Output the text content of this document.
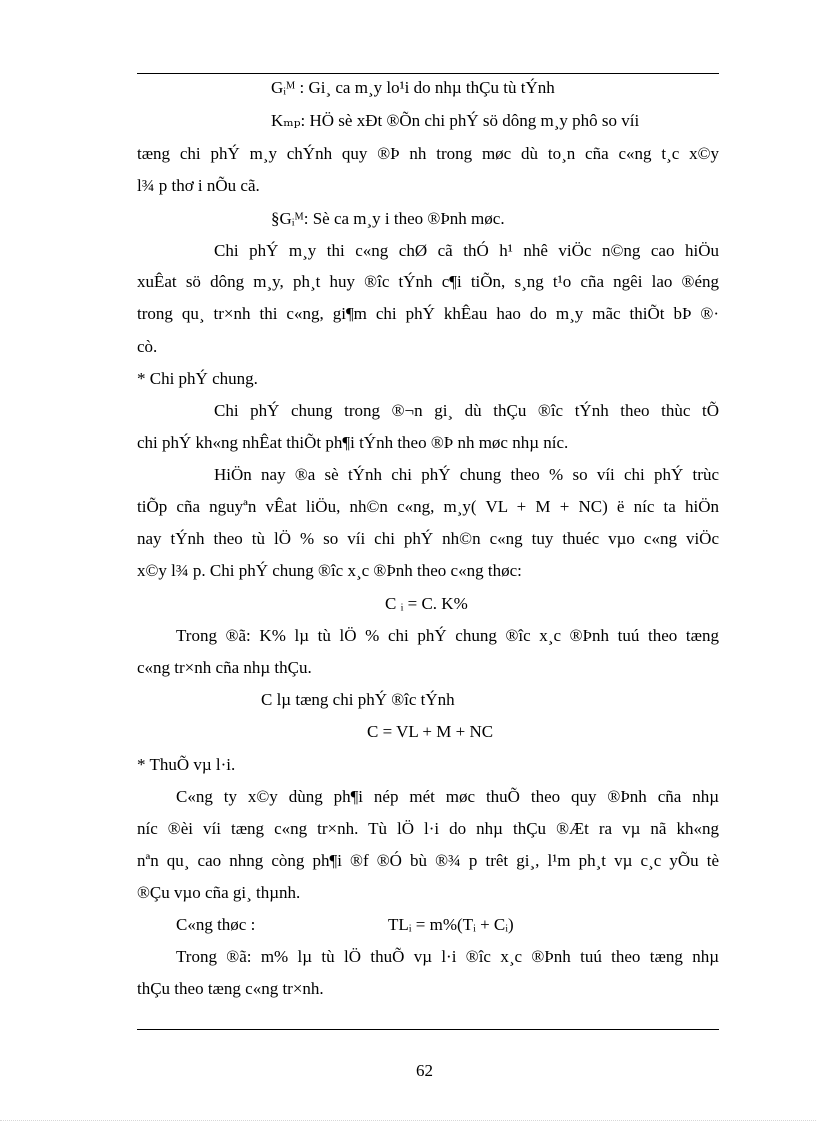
Gᵢᴹ : Gi¸ ca m¸y lo¹i do nhµ thÇu tù tÝnh
Kₘₚ: HÖ sè xÐt ®Õn chi phÝ sö dông m¸y phô so víi
tæng chi phÝ m¸y chÝnh quy ®Þ nh trong møc dù to¸n cña c«ng t¸c x©y
l¾ p thơ i nÕu cã.
§Gᵢᴹ: Sè ca m¸y i theo ®Þnh møc.
Chi phÝ m¸y thi c«ng chØ cã thÓ h¹ nhê viÖc n©ng cao hiÖu
xuÊat sö dông m¸y, ph¸t huy ®îc tÝnh c¶i tiÕn, s¸ng t¹o cña ngêi lao ®éng
trong qu¸ tr×nh thi c«ng, gi¶m chi phÝ khÊau hao do m¸y mãc thiÕt bÞ ®·
cò.
* Chi phÝ chung.
Chi phÝ chung trong ®¬n gi¸ dù thÇu ®îc tÝnh theo thùc tÕ
chi phÝ kh«ng nhÊat thiÕt ph¶i tÝnh theo ®Þ nh møc nhµ níc.
HiÖn nay ®a sè tÝnh chi phÝ chung theo % so víi chi phÝ trùc
tiÕp cña nguyªn vÊat liÖu, nh©n c«ng, m¸y( VL + M + NC) ë níc ta hiÖn
nay tÝnh theo tù lÖ % so víi chi phÝ nh©n c«ng tuy thuéc vµo c«ng viÖc
x©y l¾ p. Chi phÝ chung ®îc x¸c ®Þnh theo c«ng thøc:
C ᵢ = C. K%
Trong ®ã: K% lµ tù lÖ % chi phÝ chung ®îc x¸c ®Þnh tuú theo tæng
c«ng tr×nh cña nhµ thÇu.
C lµ tæng chi phÝ ®îc tÝnh
C = VL + M + NC
* ThuÕ vµ l·i.
C«ng ty x©y dùng ph¶i nép mét møc thuÕ theo quy ®Þnh cña nhµ
níc ®èi víi tæng c«ng tr×nh. Tù lÖ l·i do nhµ thÇu ®Æt ra vµ nã kh«ng
nªn qu¸ cao nhng còng ph¶i ®f ®Ó bù ®¾ p trêt gi¸, l¹m ph¸t vµ c¸c yÕu tè
®Çu vµo cña gi¸ thµnh.
C«ng thøc :	TLᵢ = m%(Tᵢ + Cᵢ)
Trong ®ã: m% lµ tù lÖ thuÕ vµ l·i ®îc x¸c ®Þnh tuú theo tæng nhµ
thÇu theo tæng c«ng tr×nh.
62
